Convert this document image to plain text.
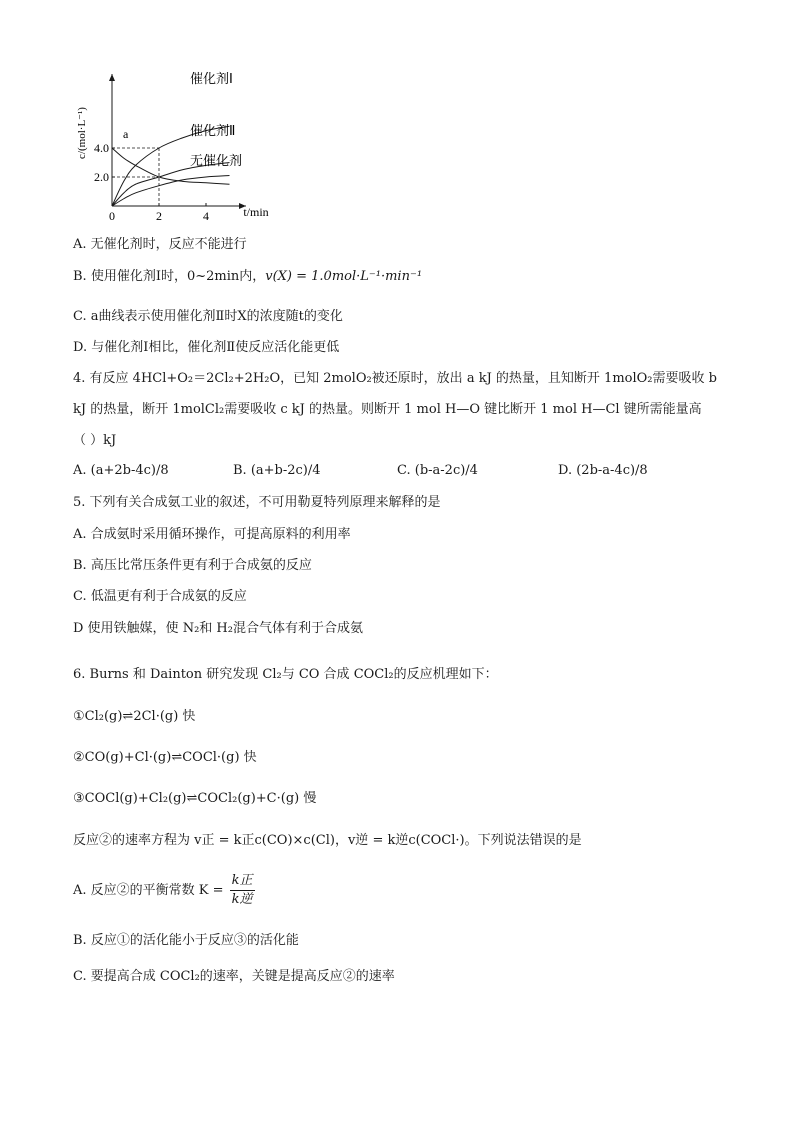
0	2	4
2.0
4.0
t/min
c/(mol·L⁻¹)
催化剂Ⅰ
催化剂Ⅱ
无催化剂
a
A. 无催化剂时，反应不能进行
B. 使用催化剂Ⅰ时，0~2min内，v(X) = 1.0mol·L⁻¹·min⁻¹
C. a曲线表示使用催化剂Ⅱ时X的浓度随t的变化
D. 与催化剂Ⅰ相比，催化剂Ⅱ使反应活化能更低
4. 有反应 4HCl+O₂＝2Cl₂+2H₂O，已知 2molO₂被还原时，放出 a kJ 的热量，且知断开 1molO₂需要吸收 b
kJ 的热量，断开 1molCl₂需要吸收 c kJ 的热量。则断开 1 mol H—O 键比断开 1 mol H—Cl 键所需能量高
（ ）kJ
A. (a+2b-4c)/8	B. (a+b-2c)/4	C. (b-a-2c)/4	D. (2b-a-4c)/8
5. 下列有关合成氨工业的叙述，不可用勒夏特列原理来解释的是
A. 合成氨时采用循环操作，可提高原料的利用率
B. 高压比常压条件更有利于合成氨的反应
C. 低温更有利于合成氨的反应
D 使用铁触媒，使 N₂和 H₂混合气体有利于合成氨
6. Burns 和 Dainton 研究发现 Cl₂与 CO 合成 COCl₂的反应机理如下：
①Cl₂(g)⇌2Cl·(g) 快
②CO(g)+Cl·(g)⇌COCl·(g) 快
③COCl(g)+Cl₂(g)⇌COCl₂(g)+C·(g) 慢
反应②的速率方程为 v正 = k正c(CO)×c(Cl)，v逆 = k逆c(COCl·)。下列说法错误的是
A. 反应②的平衡常数 $K = \frac{\text{k正}}{\text{k逆}}$
B. 反应①的活化能小于反应③的活化能
C. 要提高合成 COCl₂的速率，关键是提高反应②的速率
